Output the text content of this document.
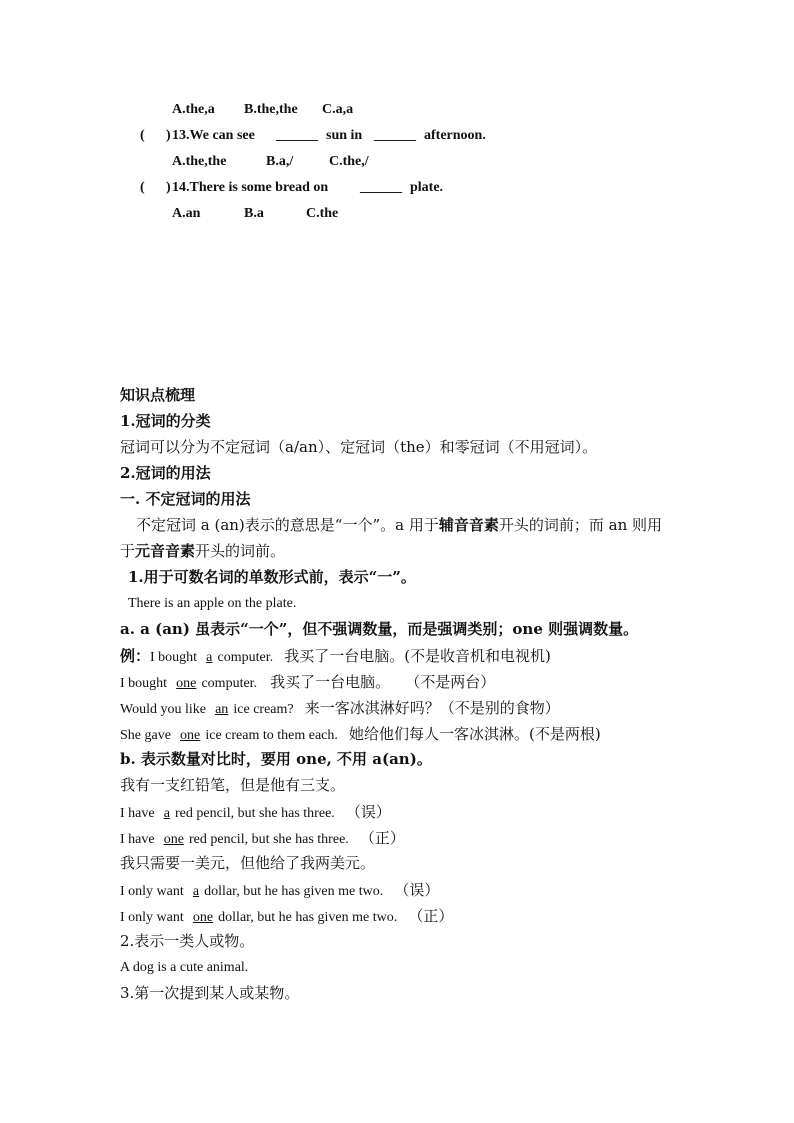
A.the,a B.the,the C.a,a
( ) 13.We can see ______ sun in ______ afternoon.
A.the,the	B.a,/	C.the,/
( ) 14.There is some bread on ______ plate.
A.an	B.a	C.the
知识点梳理
1.冠词的分类
冠词可以分为不定冠词（a/an）、定冠词（the）和零冠词（不用冠词）。
2.冠词的用法
一. 不定冠词的用法
不定冠词 a (an)表示的意思是“一个”。a 用于辅音音素开头的词前；而 an 则用
于元音音素开头的词前。
1.用于可数名词的单数形式前，表示“一”。
There is an apple on the plate.
a. a (an) 虽表示“一个”，但不强调数量，而是强调类别；one 则强调数量。
例：I bought a computer. 我买了一台电脑。(不是收音机和电视机)
I bought one computer. 我买了一台电脑。 （不是两台）
Would you like an ice cream? 来一客冰淇淋好吗？（不是别的食物）
She gave one ice cream to them each. 她给他们每人一客冰淇淋。(不是两根)
b. 表示数量对比时，要用 one, 不用 a(an)。
我有一支红铅笔，但是他有三支。
I have a red pencil, but she has three. （误）
I have one red pencil, but she has three. （正）
我只需要一美元，但他给了我两美元。
I only want a dollar, but he has given me two. （误）
I only want one dollar, but he has given me two. （正）
2.表示一类人或物。
A dog is a cute animal.
3.第一次提到某人或某物。
